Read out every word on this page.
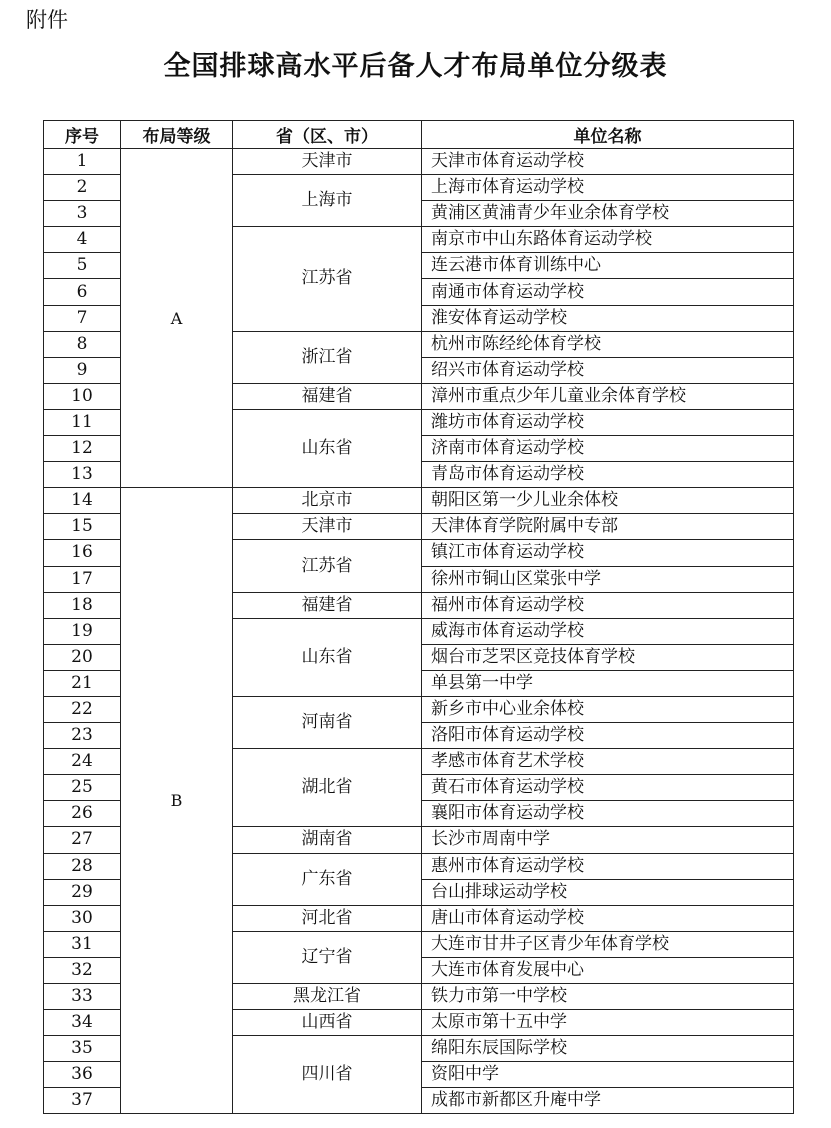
附件
全国排球高水平后备人才布局单位分级表
序号	布局等级	省（区、市）	单位名称
1	A	天津市	天津市体育运动学校
2		上海市	上海市体育运动学校
3			黄浦区黄浦青少年业余体育学校
4		江苏省	南京市中山东路体育运动学校
5			连云港市体育训练中心
6			南通市体育运动学校
7			淮安体育运动学校
8		浙江省	杭州市陈经纶体育学校
9			绍兴市体育运动学校
10		福建省	漳州市重点少年儿童业余体育学校
11		山东省	潍坊市体育运动学校
12			济南市体育运动学校
13			青岛市体育运动学校
14	B	北京市	朝阳区第一少儿业余体校
15		天津市	天津体育学院附属中专部
16		江苏省	镇江市体育运动学校
17			徐州市铜山区棠张中学
18		福建省	福州市体育运动学校
19		山东省	威海市体育运动学校
20			烟台市芝罘区竞技体育学校
21			单县第一中学
22		河南省	新乡市中心业余体校
23			洛阳市体育运动学校
24		湖北省	孝感市体育艺术学校
25			黄石市体育运动学校
26			襄阳市体育运动学校
27		湖南省	长沙市周南中学
28		广东省	惠州市体育运动学校
29			台山排球运动学校
30		河北省	唐山市体育运动学校
31		辽宁省	大连市甘井子区青少年体育学校
32			大连市体育发展中心
33		黑龙江省	铁力市第一中学校
34		山西省	太原市第十五中学
35		四川省	绵阳东辰国际学校
36			资阳中学
37			成都市新都区升庵中学
